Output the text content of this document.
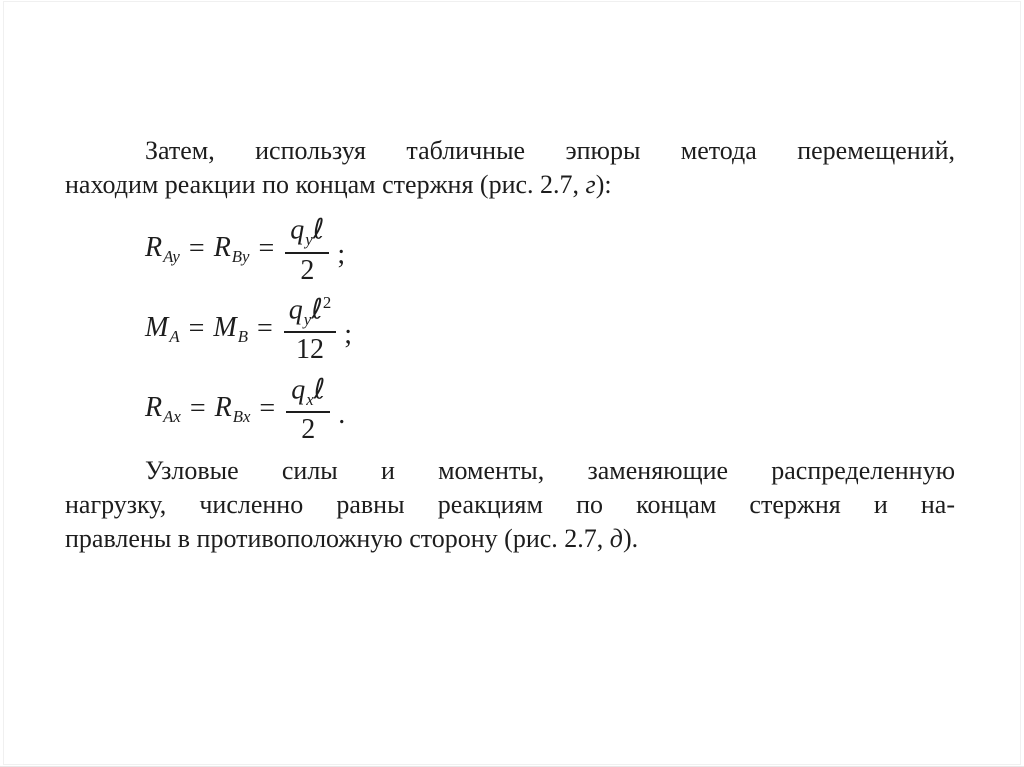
Затем, используя табличные эпюры метода перемещений,
находим реакции по концам стержня (рис. 2.7, г):
$R_{Ay} = R_{By} = \frac{q_y\ell}{2}$ ;
$M_A = M_B = \frac{q_y\ell^2}{12}$ ;
$R_{Ax} = R_{Bx} = \frac{q_x\ell}{2}$ .
Узловые силы и моменты, заменяющие распределенную
нагрузку, численно равны реакциям по концам стержня и на-
правлены в противоположную сторону (рис. 2.7, д).
